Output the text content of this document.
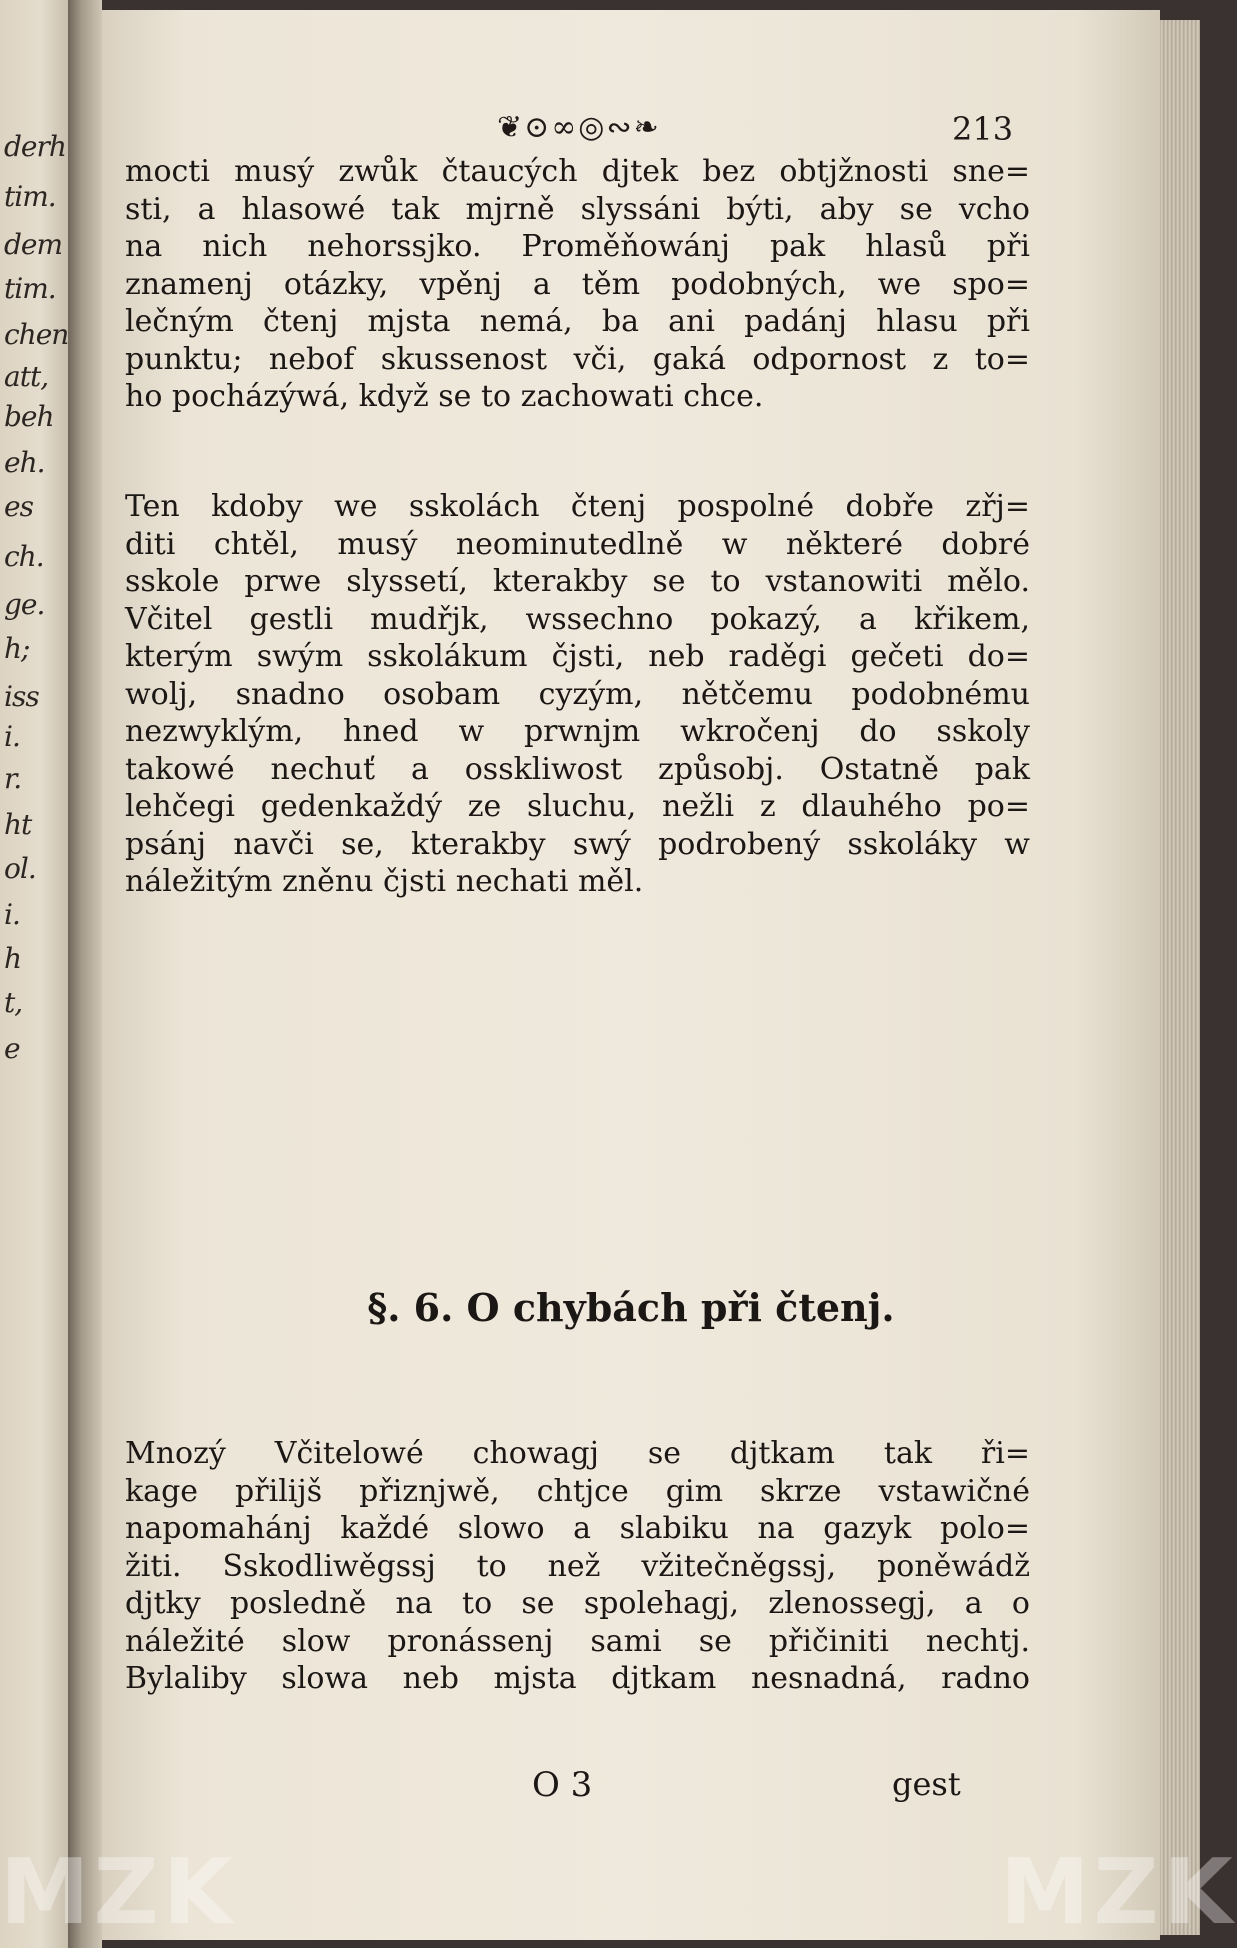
derh
tim.
dem
tim.
chen
att,
beh
eh.
es
ch.
ge.
h;
iss
i.
r.
ht
ol.
i.
h
t,
e
❦⊙∞◎∾❧	213

mocti musý zwůk čtaucých djtek bez obtjžnosti sne=
sti, a hlasowé tak mjrně slyssáni býti, aby se vcho
na nich nehorssjko. Proměňowánj pak hlasů při
znamenj otázky, vpěnj a těm podobných, we spo=
lečným čtenj mjsta nemá, ba ani padánj hlasu při
punktu; nebof skussenost vči, gaká odpornost z to=
ho pocházýwá, když se to zachowati chce.

Ten kdoby we sskolách čtenj pospolné dobře zřj=
diti chtěl, musý neominutedlně w některé dobré
sskole prwe slyssetí, kterakby se to vstanowiti mělo.
Včitel gestli mudřjk, wssechno pokazý, a křikem,
kterým swým sskolákum čjsti, neb raděgi gečeti do=
wolj, snadno osobam cyzým, nětčemu podobnému
nezwyklým, hned w prwnjm wkročenj do sskoly
takowé nechuť a osskliwost způsobj. Ostatně pak
lehčegi gedenkaždý ze sluchu, nežli z dlauhého po=
psánj navči se, kterakby swý podrobený sskoláky w
náležitým zněnu čjsti nechati měl.

§. 6. O chybách při čtenj.

Mnozý Včitelowé chowagj se djtkam tak ři=
kage přilijš přiznjwě, chtjce gim skrze vstawičné
napomahánj každé slowo a slabiku na gazyk polo=
žiti. Sskodliwěgssj to než vžitečněgssj, poněwádž
djtky posledně na to se spolehagj, zlenossegj, a o
náležité slow pronássenj sami se přičiniti nechtj.
Bylaliby slowa neb mjsta djtkam nesnadná, radno

O 3	gest
MZK	MZK
